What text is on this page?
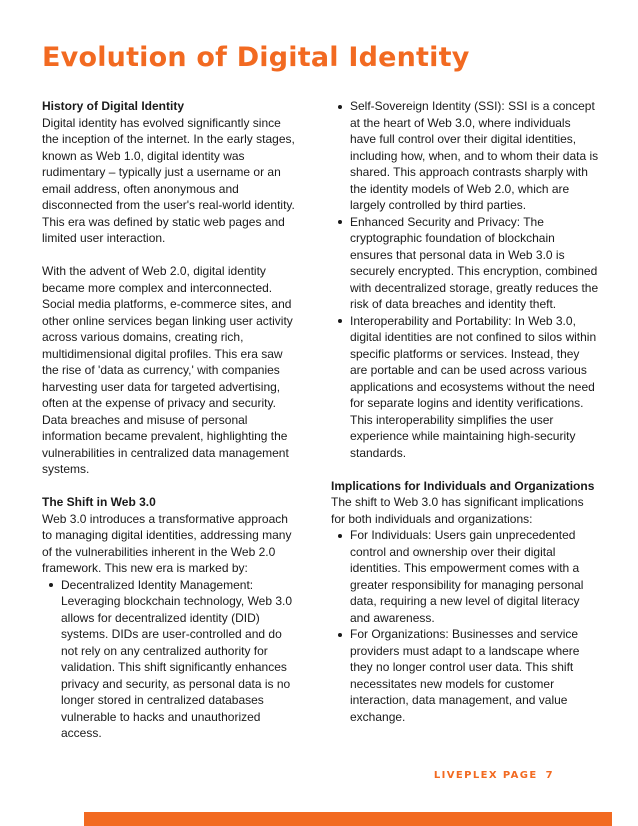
Evolution of Digital Identity

History of Digital Identity

Digital identity has evolved significantly since the inception of the internet. In the early stages, known as Web 1.0, digital identity was rudimentary – typically just a username or an email address, often anonymous and disconnected from the user's real-world identity. This era was defined by static web pages and limited user interaction.

With the advent of Web 2.0, digital identity became more complex and interconnected. Social media platforms, e-commerce sites, and other online services began linking user activity across various domains, creating rich, multidimensional digital profiles. This era saw the rise of 'data as currency,' with companies harvesting user data for targeted advertising, often at the expense of privacy and security. Data breaches and misuse of personal information became prevalent, highlighting the vulnerabilities in centralized data management systems.

The Shift in Web 3.0

Web 3.0 introduces a transformative approach to managing digital identities, addressing many of the vulnerabilities inherent in the Web 2.0 framework. This new era is marked by:

Decentralized Identity Management: Leveraging blockchain technology, Web 3.0 allows for decentralized identity (DID) systems. DIDs are user-controlled and do not rely on any centralized authority for validation. This shift significantly enhances privacy and security, as personal data is no longer stored in centralized databases vulnerable to hacks and unauthorized access.
Self-Sovereign Identity (SSI): SSI is a concept at the heart of Web 3.0, where individuals have full control over their digital identities, including how, when, and to whom their data is shared. This approach contrasts sharply with the identity models of Web 2.0, which are largely controlled by third parties.
Enhanced Security and Privacy: The cryptographic foundation of blockchain ensures that personal data in Web 3.0 is securely encrypted. This encryption, combined with decentralized storage, greatly reduces the risk of data breaches and identity theft.
Interoperability and Portability: In Web 3.0, digital identities are not confined to silos within specific platforms or services. Instead, they are portable and can be used across various applications and ecosystems without the need for separate logins and identity verifications. This interoperability simplifies the user experience while maintaining high-security standards.

Implications for Individuals and Organizations

The shift to Web 3.0 has significant implications for both individuals and organizations:

For Individuals: Users gain unprecedented control and ownership over their digital identities. This empowerment comes with a greater responsibility for managing personal data, requiring a new level of digital literacy and awareness.
For Organizations: Businesses and service providers must adapt to a landscape where they no longer control user data. This shift necessitates new models for customer interaction, data management, and value exchange.
LIVEPLEX PAGE 7
